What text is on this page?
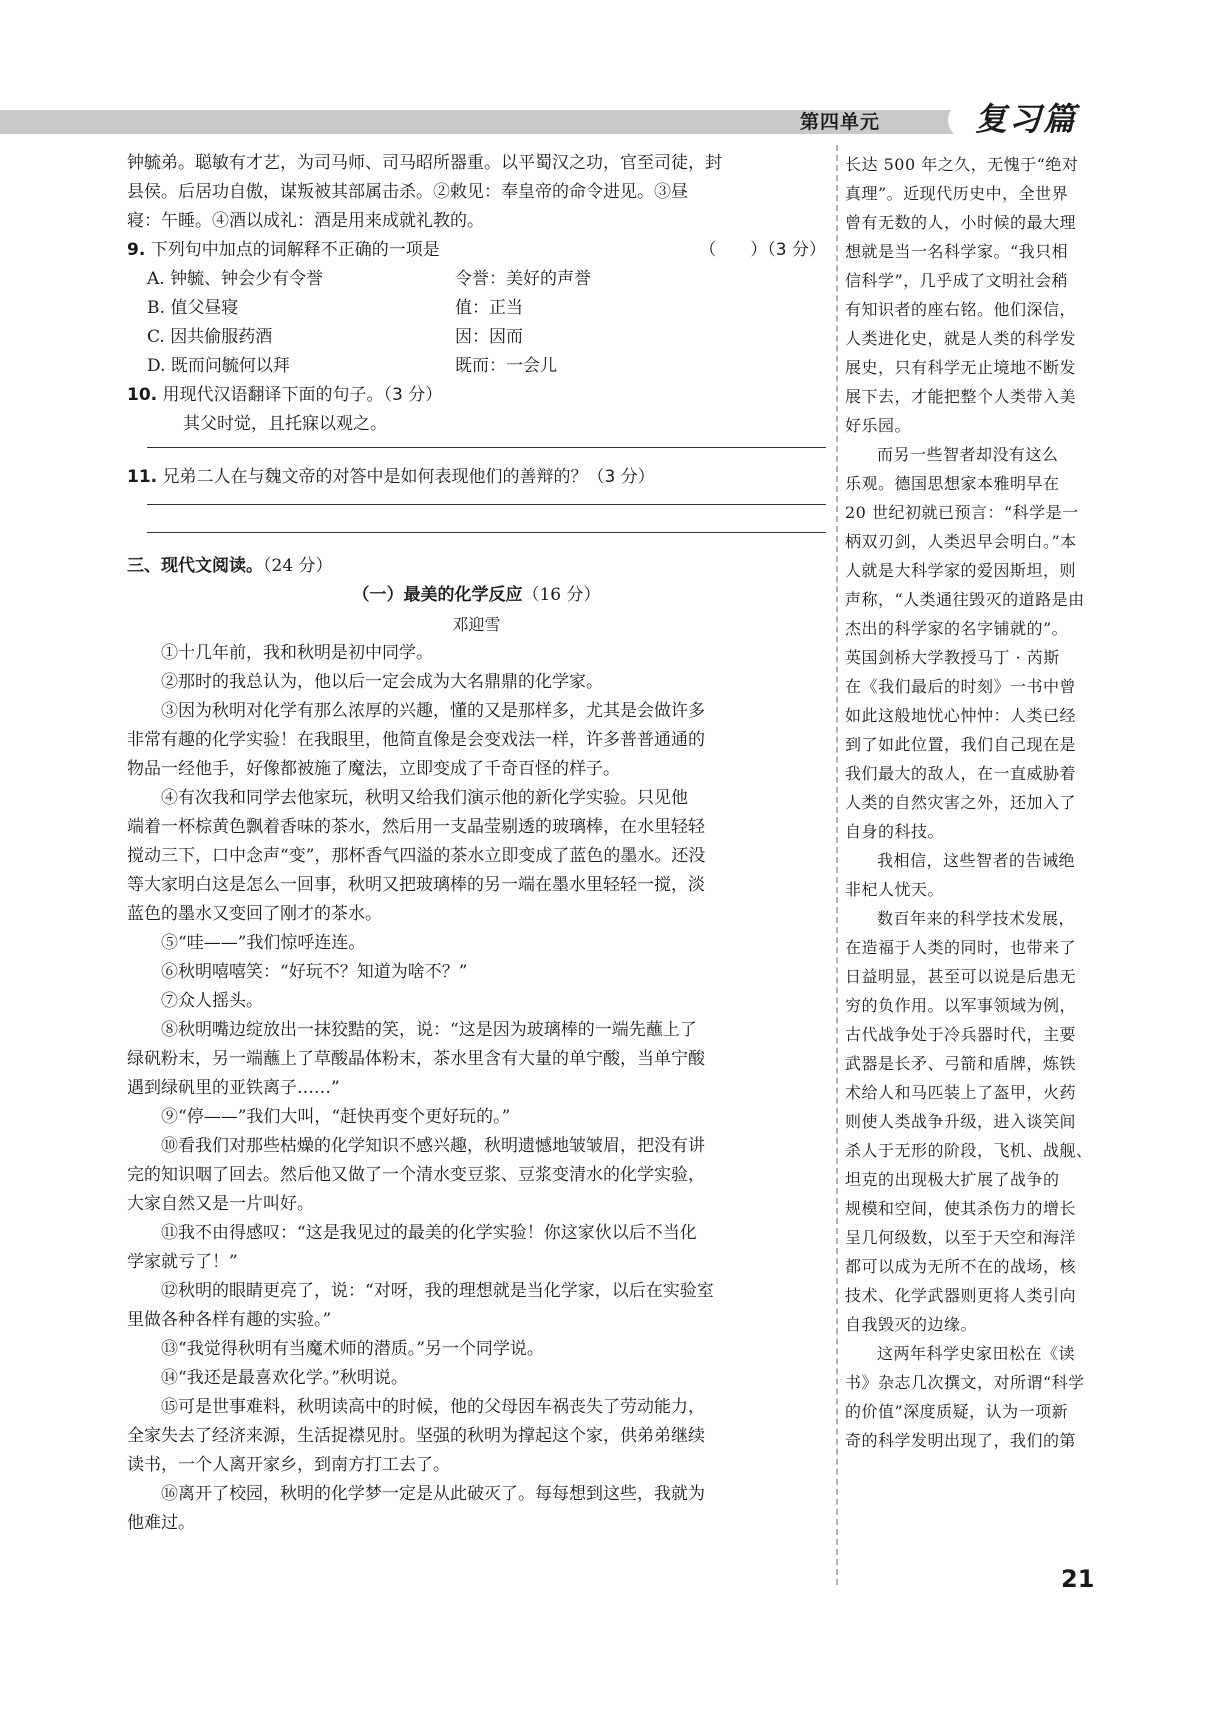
第四单元	复习篇
钟毓弟。聪敏有才艺，为司马师、司马昭所器重。以平蜀汉之功，官至司徒，封
县侯。后居功自傲，谋叛被其部属击杀。②敕见：奉皇帝的命令进见。③昼
寝：午睡。④酒以成礼：酒是用来成就礼教的。
9. 下列句中加点的词解释不正确的一项是	（　　）（3 分）
A. 钟毓、钟会少有令誉	令誉：美好的声誉
B. 值父昼寝	值：正当
C. 因共偷服药酒	因：因而
D. 既而问毓何以拜	既而：一会儿
10. 用现代汉语翻译下面的句子。（3 分）
其父时觉，且托寐以观之。
11. 兄弟二人在与魏文帝的对答中是如何表现他们的善辩的？（3 分）
三、现代文阅读。（24 分）
（一）最美的化学反应（16 分）
邓迎雪
①十几年前，我和秋明是初中同学。
②那时的我总认为，他以后一定会成为大名鼎鼎的化学家。
③因为秋明对化学有那么浓厚的兴趣，懂的又是那样多，尤其是会做许多
非常有趣的化学实验！在我眼里，他简直像是会变戏法一样，许多普普通通的
物品一经他手，好像都被施了魔法，立即变成了千奇百怪的样子。
④有次我和同学去他家玩，秋明又给我们演示他的新化学实验。只见他
端着一杯棕黄色飘着香味的茶水，然后用一支晶莹剔透的玻璃棒，在水里轻轻
搅动三下，口中念声“变”，那杯香气四溢的茶水立即变成了蓝色的墨水。还没
等大家明白这是怎么一回事，秋明又把玻璃棒的另一端在墨水里轻轻一搅，淡
蓝色的墨水又变回了刚才的茶水。
⑤“哇——”我们惊呼连连。
⑥秋明嘻嘻笑：“好玩不？知道为啥不？”
⑦众人摇头。
⑧秋明嘴边绽放出一抹狡黠的笑，说：“这是因为玻璃棒的一端先蘸上了
绿矾粉末，另一端蘸上了草酸晶体粉末，茶水里含有大量的单宁酸，当单宁酸
遇到绿矾里的亚铁离子……”
⑨“停——”我们大叫，“赶快再变个更好玩的。”
⑩看我们对那些枯燥的化学知识不感兴趣，秋明遗憾地皱皱眉，把没有讲
完的知识咽了回去。然后他又做了一个清水变豆浆、豆浆变清水的化学实验，
大家自然又是一片叫好。
⑪我不由得感叹：“这是我见过的最美的化学实验！你这家伙以后不当化
学家就亏了！”
⑫秋明的眼睛更亮了，说：“对呀，我的理想就是当化学家，以后在实验室
里做各种各样有趣的实验。”
⑬“我觉得秋明有当魔术师的潜质。”另一个同学说。
⑭“我还是最喜欢化学。”秋明说。
⑮可是世事难料，秋明读高中的时候，他的父母因车祸丧失了劳动能力，
全家失去了经济来源，生活捉襟见肘。坚强的秋明为撑起这个家，供弟弟继续
读书，一个人离开家乡，到南方打工去了。
⑯离开了校园，秋明的化学梦一定是从此破灭了。每每想到这些，我就为
他难过。
长达 500 年之久，无愧于“绝对
真理”。近现代历史中，全世界
曾有无数的人，小时候的最大理
想就是当一名科学家。“我只相
信科学”，几乎成了文明社会稍
有知识者的座右铭。他们深信，
人类进化史，就是人类的科学发
展史，只有科学无止境地不断发
展下去，才能把整个人类带入美
好乐园。
而另一些智者却没有这么
乐观。德国思想家本雅明早在
20 世纪初就已预言：“科学是一
柄双刃剑，人类迟早会明白。”本
人就是大科学家的爱因斯坦，则
声称，“人类通往毁灭的道路是由
杰出的科学家的名字铺就的”。
英国剑桥大学教授马丁 · 芮斯
在《我们最后的时刻》一书中曾
如此这般地忧心忡忡：人类已经
到了如此位置，我们自己现在是
我们最大的敌人，在一直威胁着
人类的自然灾害之外，还加入了
自身的科技。
我相信，这些智者的告诫绝
非杞人忧天。
数百年来的科学技术发展，
在造福于人类的同时，也带来了
日益明显，甚至可以说是后患无
穷的负作用。以军事领域为例，
古代战争处于冷兵器时代，主要
武器是长矛、弓箭和盾牌，炼铁
术给人和马匹装上了盔甲，火药
则使人类战争升级，进入谈笑间
杀人于无形的阶段，飞机、战舰、
坦克的出现极大扩展了战争的
规模和空间，使其杀伤力的增长
呈几何级数，以至于天空和海洋
都可以成为无所不在的战场，核
技术、化学武器则更将人类引向
自我毁灭的边缘。
这两年科学史家田松在《读
书》杂志几次撰文，对所谓“科学
的价值”深度质疑，认为一项新
奇的科学发明出现了，我们的第
21
